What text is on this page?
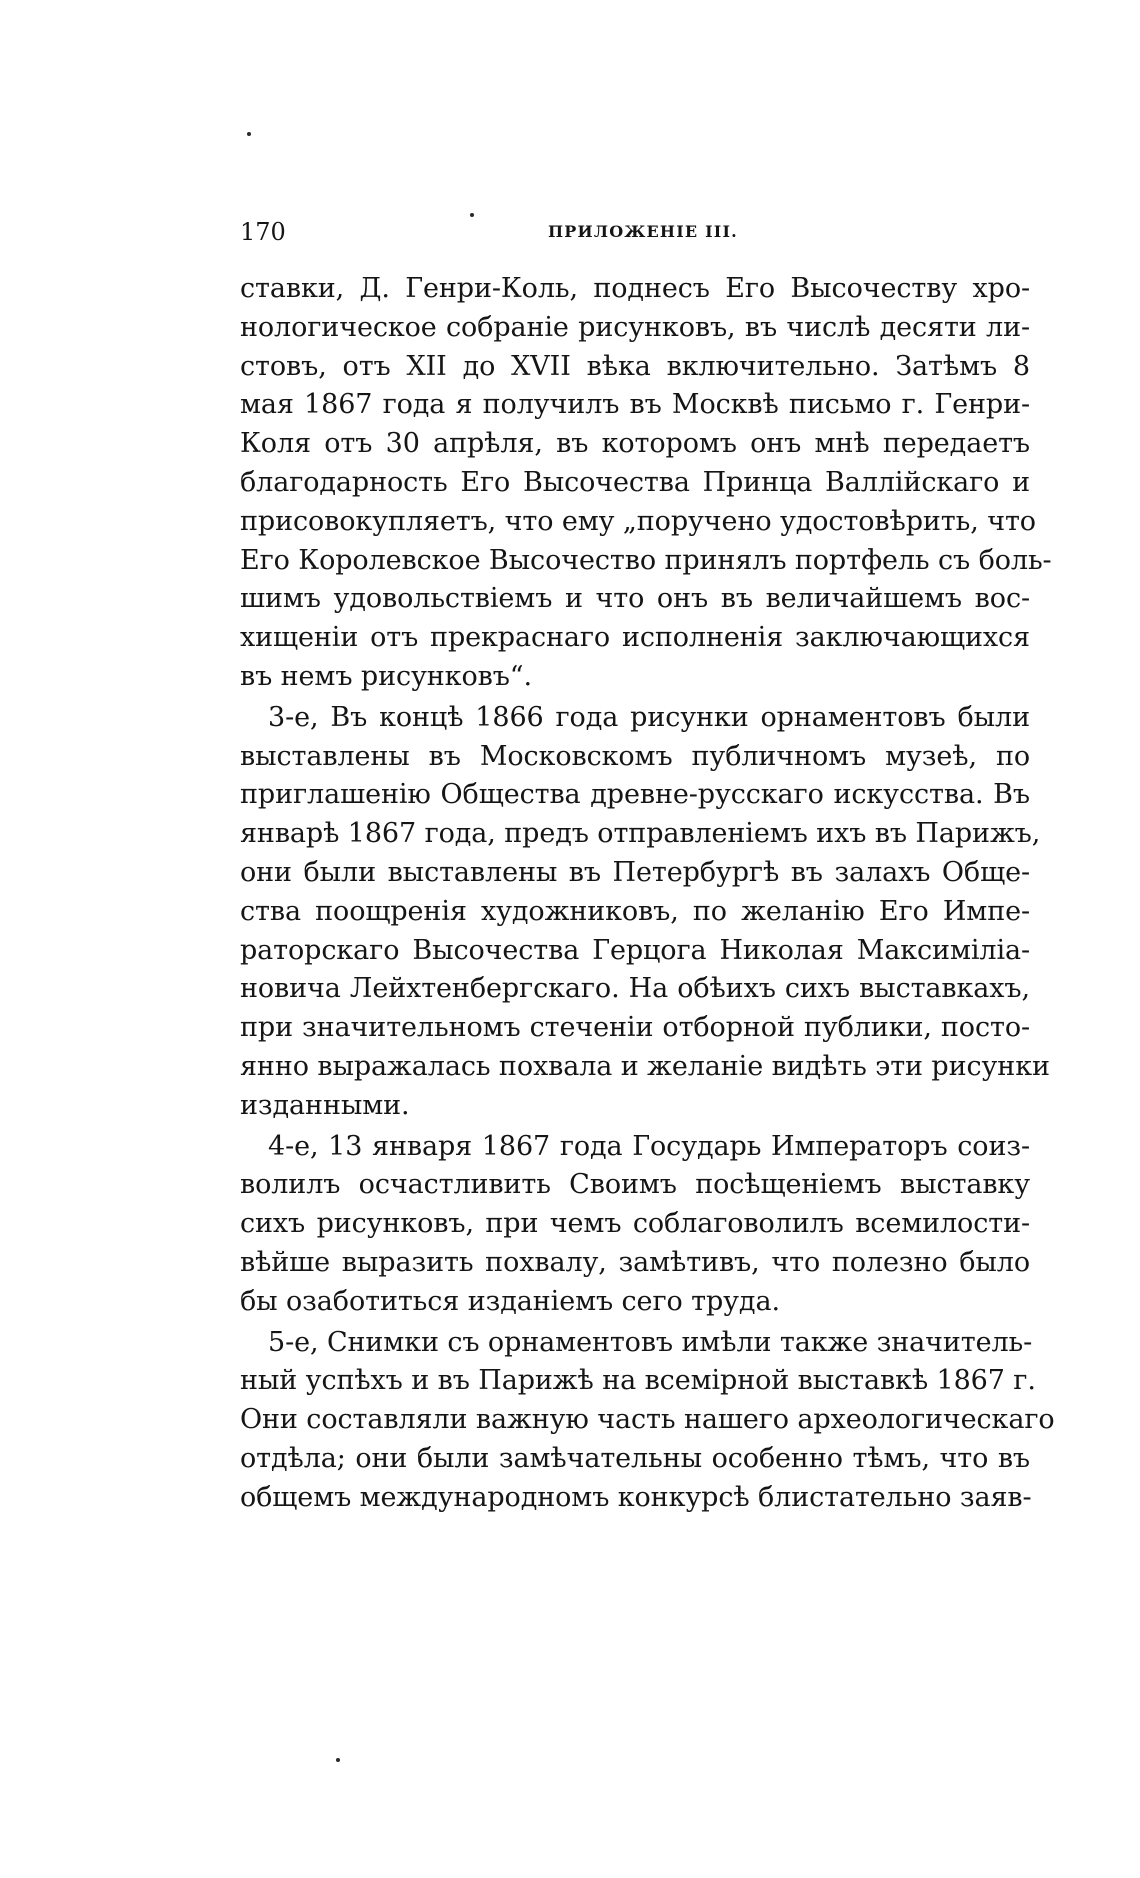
170	ПРИЛОЖЕНІЕ III.
ставки, Д. Генри-Коль, поднесъ Его Высочеству хро-
нологическое собраніе рисунковъ, въ числѣ десяти ли-
стовъ, отъ XII до XVII вѣка включительно. Затѣмъ 8
мая 1867 года я получилъ въ Москвѣ письмо г. Генри-
Коля отъ 30 апрѣля, въ которомъ онъ мнѣ передаетъ
благодарность Его Высочества Принца Валлійскаго и
присовокупляетъ, что ему „поручено удостовѣрить, что
Его Королевское Высочество принялъ портфель съ боль-
шимъ удовольствіемъ и что онъ въ величайшемъ вос-
хищеніи отъ прекраснаго исполненія заключающихся
въ немъ рисунковъ“.
3-е, Въ концѣ 1866 года рисунки орнаментовъ были
выставлены въ Московскомъ публичномъ музеѣ, по
приглашенію Общества древне-русскаго искусства. Въ
январѣ 1867 года, предъ отправленіемъ ихъ въ Парижъ,
они были выставлены въ Петербургѣ въ залахъ Обще-
ства поощренія художниковъ, по желанію Его Импе-
раторскаго Высочества Герцога Николая Максиміліа-
новича Лейхтенбергскаго. На обѣихъ сихъ выставкахъ,
при значительномъ стеченіи отборной публики, посто-
янно выражалась похвала и желаніе видѣть эти рисунки
изданными.
4-е, 13 января 1867 года Государь Императоръ соиз-
волилъ осчастливить Своимъ посѣщеніемъ выставку
сихъ рисунковъ, при чемъ соблаговолилъ всемилости-
вѣйше выразить похвалу, замѣтивъ, что полезно было
бы озаботиться изданіемъ сего труда.
5-е, Снимки съ орнаментовъ имѣли также значитель-
ный успѣхъ и въ Парижѣ на всемірной выставкѣ 1867 г.
Они составляли важную часть нашего археологическаго
отдѣла; они были замѣчательны особенно тѣмъ, что въ
общемъ международномъ конкурсѣ блистательно заяв-
